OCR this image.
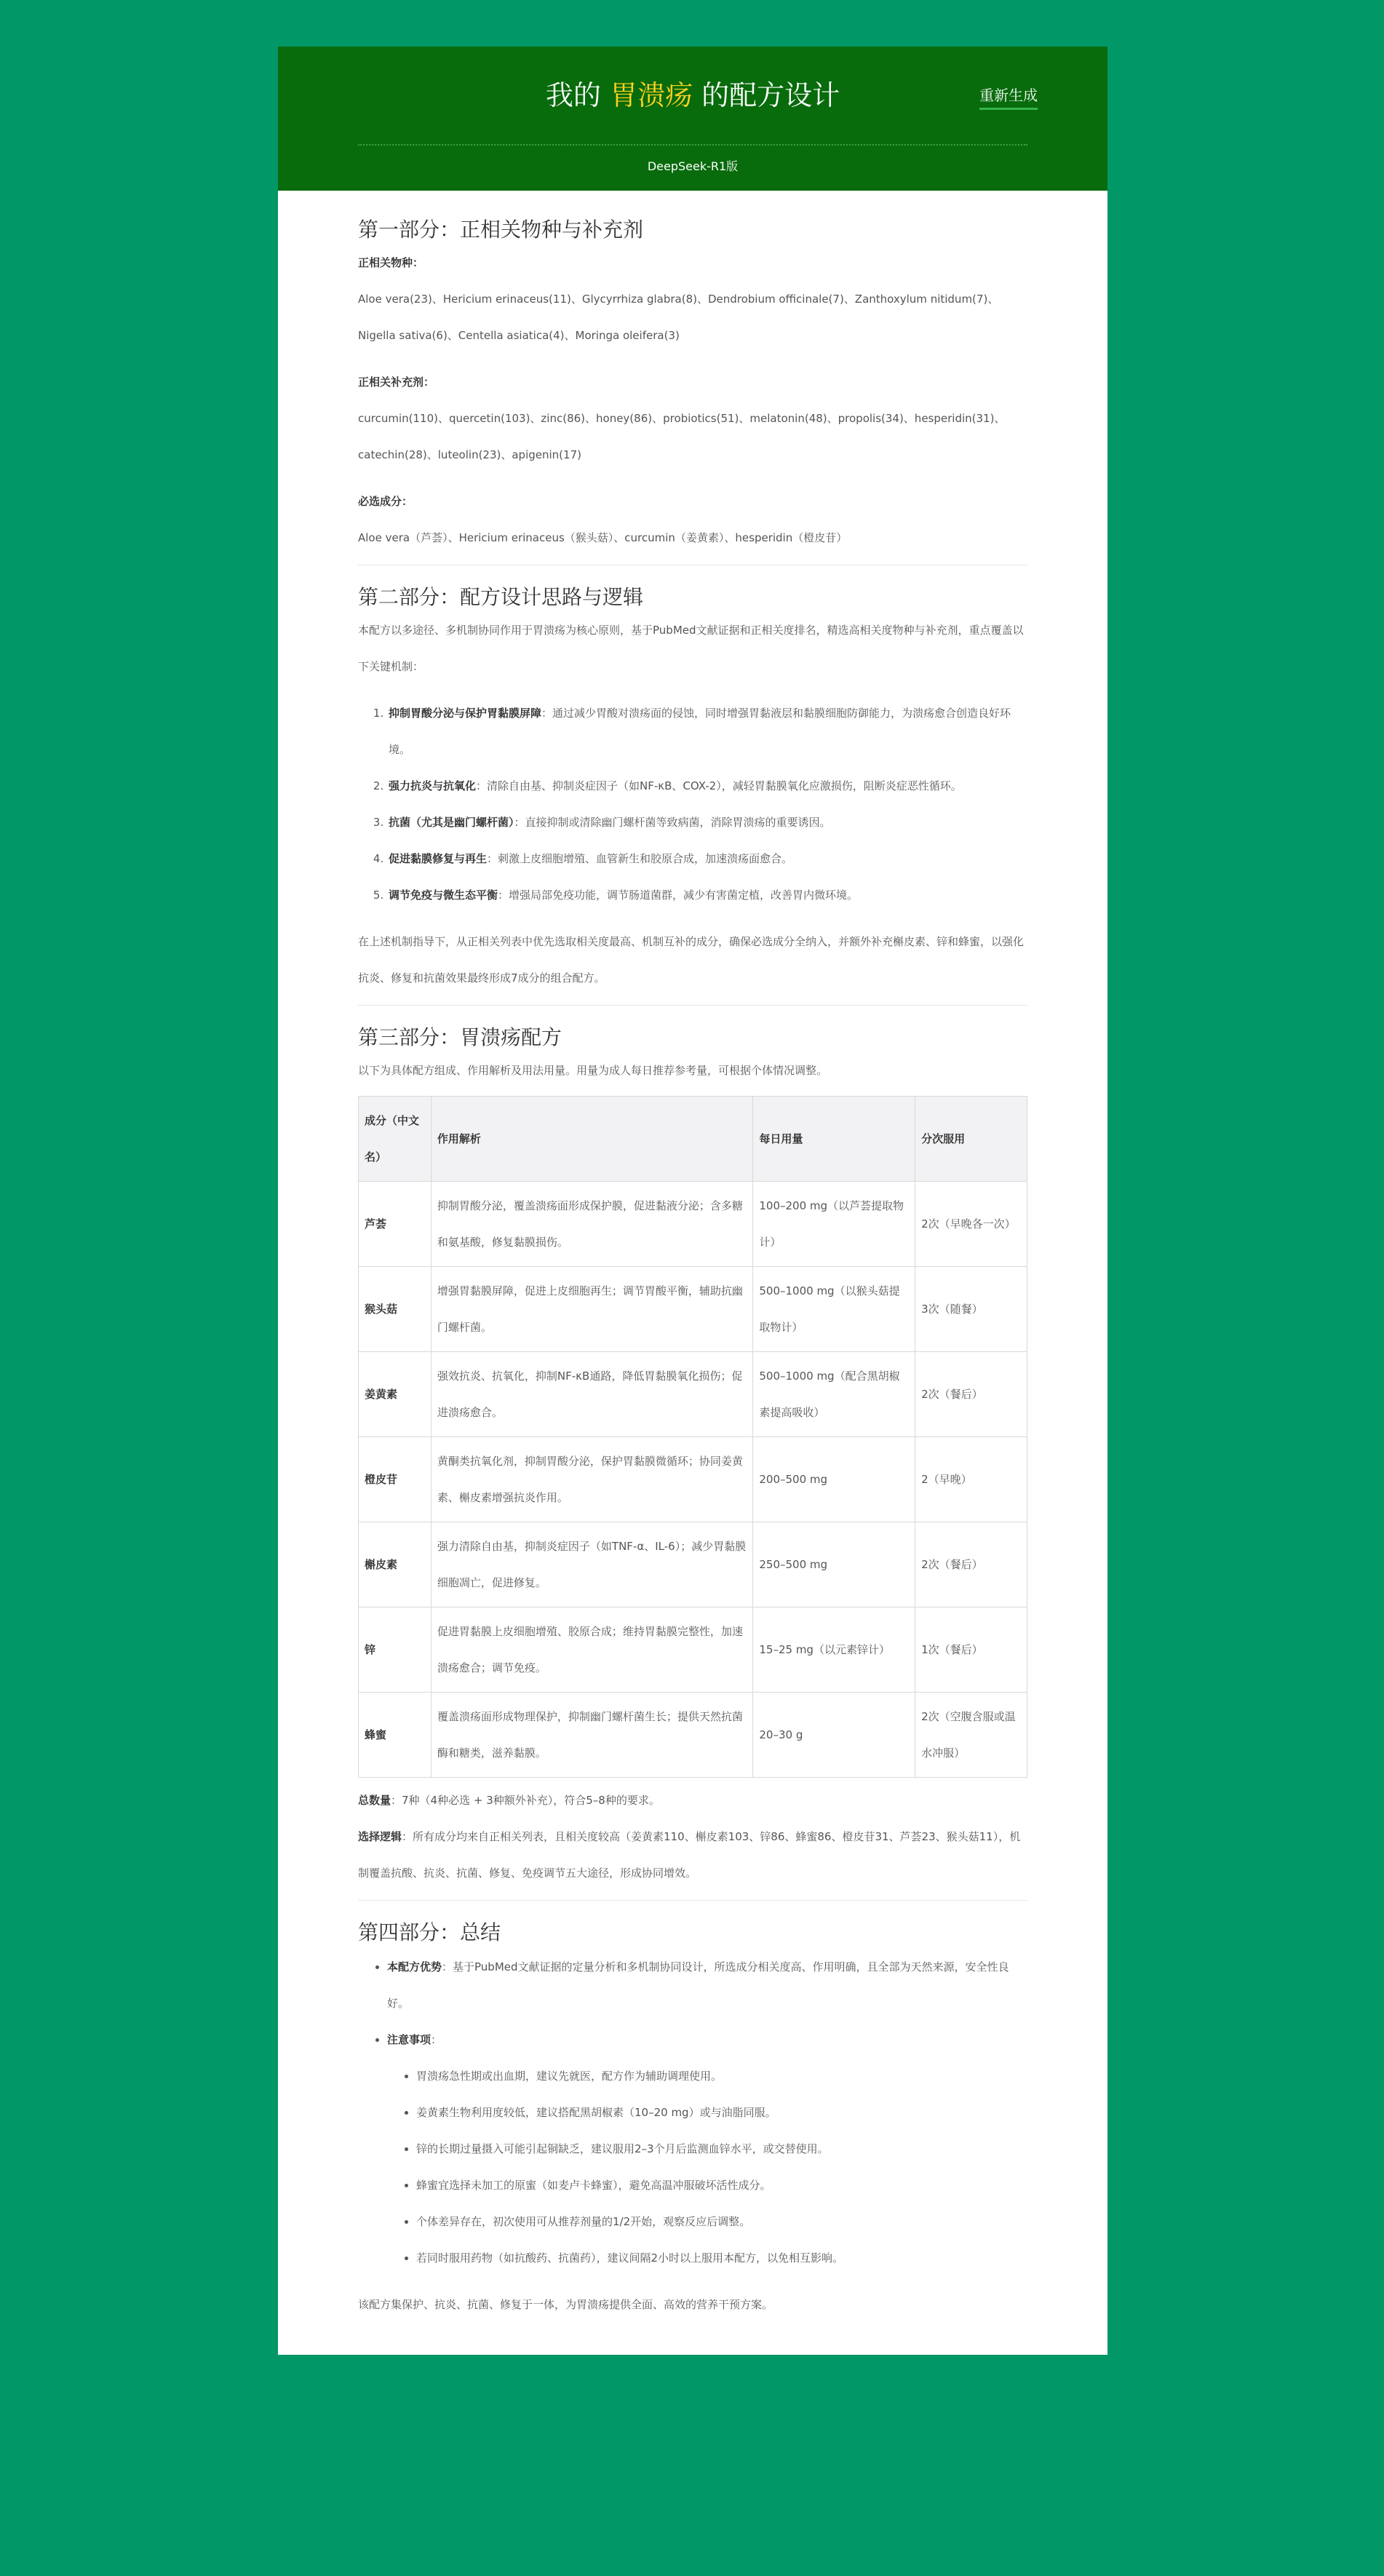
我的 胃溃疡 的配方设计	重新生成
DeepSeek-R1版
第一部分：正相关物种与补充剂

正相关物种：

Aloe vera(23)、Hericium erinaceus(11)、Glycyrrhiza glabra(8)、Dendrobium officinale(7)、Zanthoxylum nitidum(7)、Nigella sativa(6)、Centella asiatica(4)、Moringa oleifera(3)

正相关补充剂：

curcumin(110)、quercetin(103)、zinc(86)、honey(86)、probiotics(51)、melatonin(48)、propolis(34)、hesperidin(31)、catechin(28)、luteolin(23)、apigenin(17)

必选成分：

Aloe vera（芦荟）、Hericium erinaceus（猴头菇）、curcumin（姜黄素）、hesperidin（橙皮苷）

第二部分：配方设计思路与逻辑

本配方以多途径、多机制协同作用于胃溃疡为核心原则，基于PubMed文献证据和正相关度排名，精选高相关度物种与补充剂，重点覆盖以下关键机制：

1. 抑制胃酸分泌与保护胃黏膜屏障：通过减少胃酸对溃疡面的侵蚀，同时增强胃黏液层和黏膜细胞防御能力，为溃疡愈合创造良好环境。
2. 强力抗炎与抗氧化：清除自由基、抑制炎症因子（如NF-κB、COX-2），减轻胃黏膜氧化应激损伤，阻断炎症恶性循环。
3. 抗菌（尤其是幽门螺杆菌）：直接抑制或清除幽门螺杆菌等致病菌，消除胃溃疡的重要诱因。
4. 促进黏膜修复与再生：刺激上皮细胞增殖、血管新生和胶原合成，加速溃疡面愈合。
5. 调节免疫与微生态平衡：增强局部免疫功能，调节肠道菌群，减少有害菌定植，改善胃内微环境。

在上述机制指导下，从正相关列表中优先选取相关度最高、机制互补的成分，确保必选成分全纳入，并额外补充槲皮素、锌和蜂蜜，以强化抗炎、修复和抗菌效果最终形成7成分的组合配方。

第三部分：胃溃疡配方

以下为具体配方组成、作用解析及用法用量。用量为成人每日推荐参考量，可根据个体情况调整。

成分（中文名）	作用解析	每日用量	分次服用
芦荟	抑制胃酸分泌，覆盖溃疡面形成保护膜，促进黏液分泌；含多糖和氨基酸，修复黏膜损伤。	100–200 mg（以芦荟提取物计）	2次（早晚各一次）
猴头菇	增强胃黏膜屏障，促进上皮细胞再生；调节胃酸平衡，辅助抗幽门螺杆菌。	500–1000 mg（以猴头菇提取物计）	3次（随餐）
姜黄素	强效抗炎、抗氧化，抑制NF-κB通路，降低胃黏膜氧化损伤；促进溃疡愈合。	500–1000 mg（配合黑胡椒素提高吸收）	2次（餐后）
橙皮苷	黄酮类抗氧化剂，抑制胃酸分泌，保护胃黏膜微循环；协同姜黄素、槲皮素增强抗炎作用。	200–500 mg	2（早晚）
槲皮素	强力清除自由基，抑制炎症因子（如TNF-α、IL-6）；减少胃黏膜细胞凋亡，促进修复。	250–500 mg	2次（餐后）
锌	促进胃黏膜上皮细胞增殖、胶原合成；维持胃黏膜完整性，加速溃疡愈合；调节免疫。	15–25 mg（以元素锌计）	1次（餐后）
蜂蜜	覆盖溃疡面形成物理保护，抑制幽门螺杆菌生长；提供天然抗菌酶和糖类，滋养黏膜。	20–30 g	2次（空腹含服或温水冲服）

总数量：7种（4种必选 + 3种额外补充），符合5–8种的要求。

选择逻辑：所有成分均来自正相关列表，且相关度较高（姜黄素110、槲皮素103、锌86、蜂蜜86、橙皮苷31、芦荟23、猴头菇11），机制覆盖抗酸、抗炎、抗菌、修复、免疫调节五大途径，形成协同增效。

第四部分：总结
• 本配方优势：基于PubMed文献证据的定量分析和多机制协同设计，所选成分相关度高、作用明确，且全部为天然来源，安全性良好。
• 注意事项：
• 胃溃疡急性期或出血期，建议先就医，配方作为辅助调理使用。
• 姜黄素生物利用度较低，建议搭配黑胡椒素（10–20 mg）或与油脂同服。
• 锌的长期过量摄入可能引起铜缺乏，建议服用2–3个月后监测血锌水平，或交替使用。
• 蜂蜜宜选择未加工的原蜜（如麦卢卡蜂蜜），避免高温冲服破坏活性成分。
• 个体差异存在，初次使用可从推荐剂量的1/2开始，观察反应后调整。
• 若同时服用药物（如抗酸药、抗菌药），建议间隔2小时以上服用本配方，以免相互影响。

该配方集保护、抗炎、抗菌、修复于一体，为胃溃疡提供全面、高效的营养干预方案。
